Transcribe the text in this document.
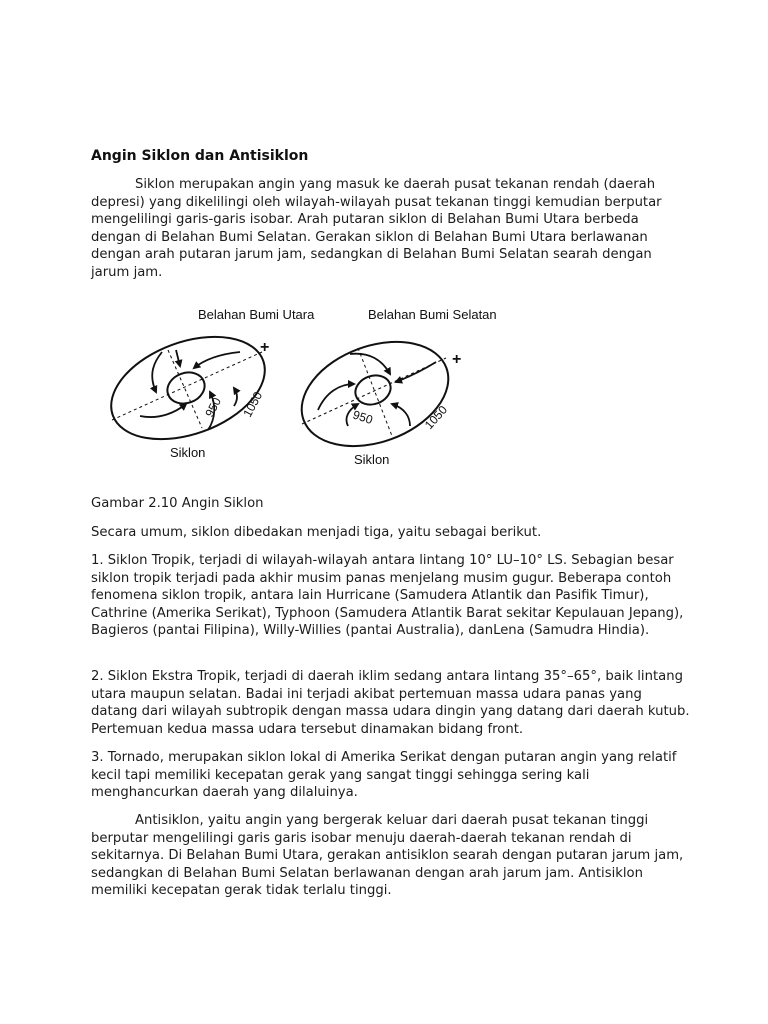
Angin Siklon dan Antisiklon

Siklon merupakan angin yang masuk ke daerah pusat tekanan rendah (daerah depresi) yang dikelilingi oleh wilayah-wilayah pusat tekanan tinggi kemudian berputar mengelilingi garis-garis isobar. Arah putaran siklon di Belahan Bumi Utara berbeda dengan di Belahan Bumi Selatan. Gerakan siklon di Belahan Bumi Utara berlawanan dengan arah putaran jarum jam, sedangkan di Belahan Bumi Selatan searah dengan jarum jam.

Belahan Bumi Utara	Belahan Bumi Selatan
+
950 1050
Siklon
+
950	1050
Siklon

Gambar 2.10 Angin Siklon

Secara umum, siklon dibedakan menjadi tiga, yaitu sebagai berikut.

1. Siklon Tropik, terjadi di wilayah-wilayah antara lintang 10° LU–10° LS. Sebagian besar siklon tropik terjadi pada akhir musim panas menjelang musim gugur. Beberapa contoh fenomena siklon tropik, antara lain Hurricane (Samudera Atlantik dan Pasifik Timur), Cathrine (Amerika Serikat), Typhoon (Samudera Atlantik Barat sekitar Kepulauan Jepang), Bagieros (pantai Filipina), Willy-Willies (pantai Australia), danLena (Samudra Hindia).

2. Siklon Ekstra Tropik, terjadi di daerah iklim sedang antara lintang 35°–65°, baik lintang utara maupun selatan. Badai ini terjadi akibat pertemuan massa udara panas yang datang dari wilayah subtropik dengan massa udara dingin yang datang dari daerah kutub. Pertemuan kedua massa udara tersebut dinamakan bidang front.

3. Tornado, merupakan siklon lokal di Amerika Serikat dengan putaran angin yang relatif kecil tapi memiliki kecepatan gerak yang sangat tinggi sehingga sering kali menghancurkan daerah yang dilaluinya.

Antisiklon, yaitu angin yang bergerak keluar dari daerah pusat tekanan tinggi berputar mengelilingi garis garis isobar menuju daerah-daerah tekanan rendah di sekitarnya. Di Belahan Bumi Utara, gerakan antisiklon searah dengan putaran jarum jam, sedangkan di Belahan Bumi Selatan berlawanan dengan arah jarum jam. Antisiklon memiliki kecepatan gerak tidak terlalu tinggi.
